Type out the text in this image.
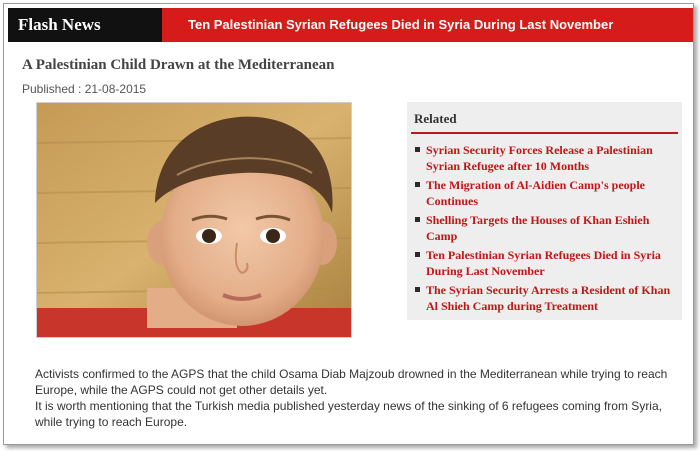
Flash News	Ten Palestinian Syrian Refugees Died in Syria During Last November
A Palestinian Child Drawn at the Mediterranean
Published : 21-08-2015
Related
Syrian Security Forces Release a Palestinian Syrian Refugee after 10 Months
The Migration of Al-Aidien Camp's people Continues
Shelling Targets the Houses of Khan Eshieh Camp
Ten Palestinian Syrian Refugees Died in Syria During Last November
The Syrian Security Arrests a Resident of Khan Al Shieh Camp during Treatment

Activists confirmed to the AGPS that the child Osama Diab Majzoub drowned in the Mediterranean while trying to reach Europe, while the AGPS could not get other details yet.

It is worth mentioning that the Turkish media published yesterday news of the sinking of 6 refugees coming from Syria, while trying to reach Europe.
